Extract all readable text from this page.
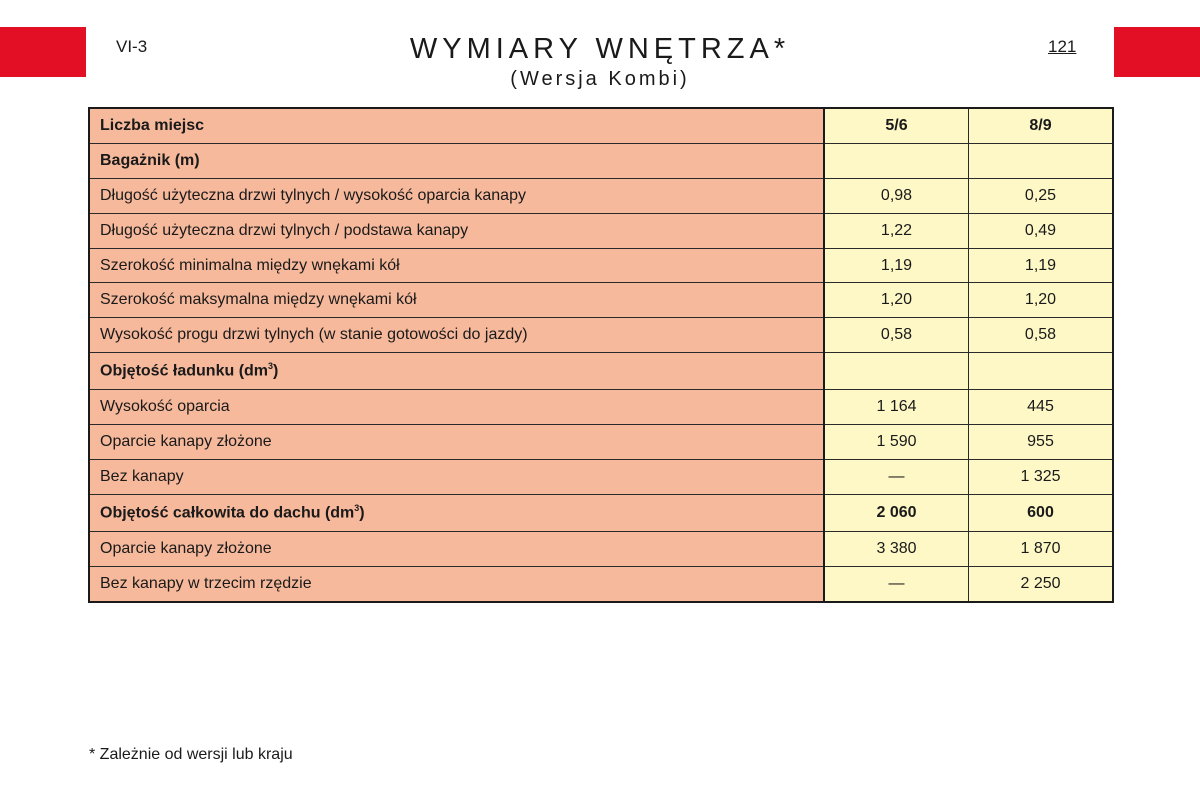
VI-3	121
WYMIARY WNĘTRZA*
(Wersja Kombi)
Liczba miejsc	5/6	8/9
Bagażnik (m)		
Długość użyteczna drzwi tylnych / wysokość oparcia kanapy	0,98	0,25
Długość użyteczna drzwi tylnych / podstawa kanapy	1,22	0,49
Szerokość minimalna między wnękami kół	1,19	1,19
Szerokość maksymalna między wnękami kół	1,20	1,20
Wysokość progu drzwi tylnych (w stanie gotowości do jazdy)	0,58	0,58
Objętość ładunku $(dm^3)$		
Wysokość oparcia	1 164	445
Oparcie kanapy złożone	1 590	955
Bez kanapy	—	1 325
Objętość całkowita do dachu $(dm^3)$	2 060	600
Oparcie kanapy złożone	3 380	1 870
Bez kanapy w trzecim rzędzie	—	2 250
* Zależnie od wersji lub kraju
